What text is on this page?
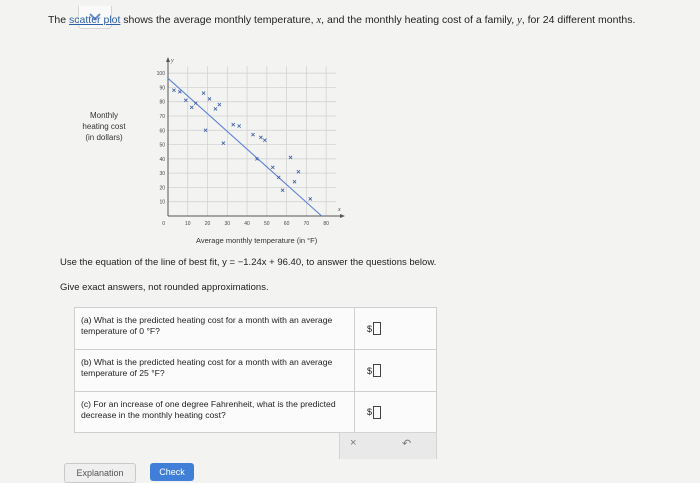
The scatter plot shows the average monthly temperature, x, and the monthly heating cost of a family, y, for 24 different months.
Monthly
heating cost
(in dollars)
10	20	30	40	50	60	70	80
10
20
30
40
50
60
70
80
90
100
0
x
y
Average monthly temperature (in °F)
Use the equation of the line of best fit, y = −1.24x + 96.40, to answer the questions below.
Give exact answers, not rounded approximations.
(a) What is the predicted heating cost for a month with an average temperature of 0 °F?	$
(b) What is the predicted heating cost for a month with an average temperature of 25 °F?	$
(c) For an increase of one degree Fahrenheit, what is the predicted decrease in the monthly heating cost?	$
×	↶
Explanation	Check
